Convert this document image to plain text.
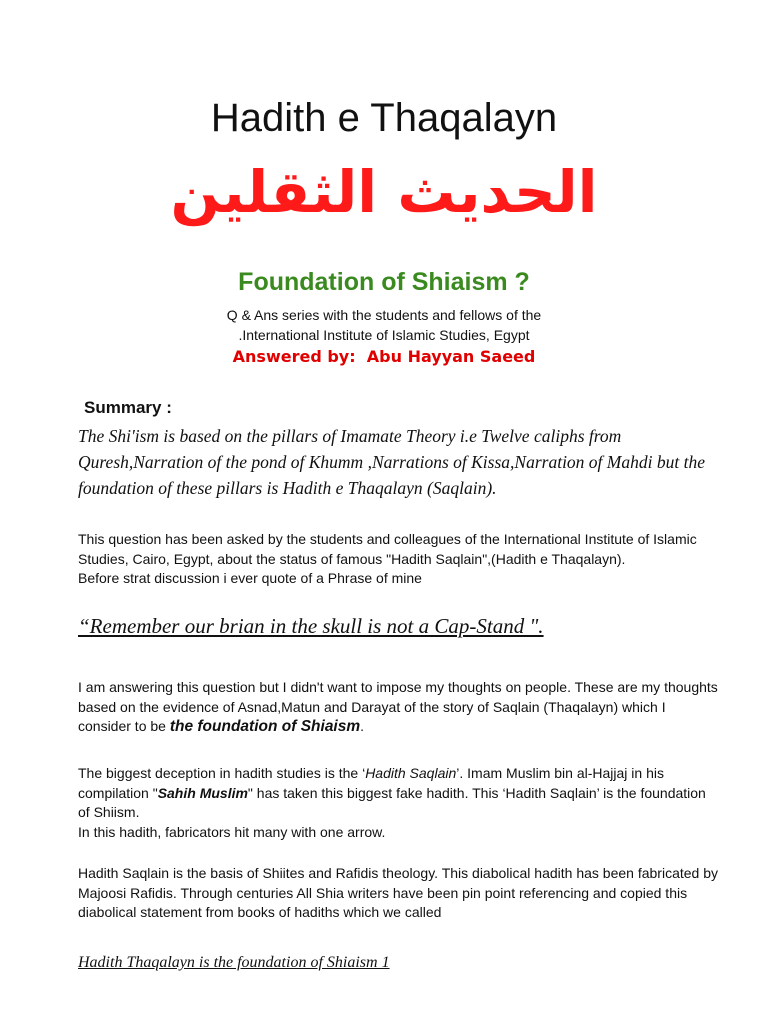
Hadith e Thaqalayn
الحديث الثقلين
Foundation of Shiaism ?
Q & Ans series with the students and fellows of the
.International Institute of Islamic Studies, Egypt
Answered by: Abu Hayyan Saeed
Summary :
The Shi'ism is based on the pillars of Imamate Theory i.e Twelve caliphs from Quresh,Narration of the pond of Khumm ,Narrations of Kissa,Narration of Mahdi but the foundation of these pillars is Hadith e Thaqalayn (Saqlain).
This question has been asked by the students and colleagues of the International Institute of Islamic Studies, Cairo, Egypt, about the status of famous "Hadith Saqlain",(Hadith e Thaqalayn).
Before strat discussion i ever quote of a Phrase of mine
“Remember our brian in the skull is not a Cap-Stand ".
I am answering this question but I didn't want to impose my thoughts on people. These are my thoughts based on the evidence of Asnad,Matun and Darayat of the story of Saqlain (Thaqalayn) which I consider to be the foundation of Shiaism.
The biggest deception in hadith studies is the ‘Hadith Saqlain’. Imam Muslim bin al-Hajjaj in his compilation "Sahih Muslim" has taken this biggest fake hadith. This ‘Hadith Saqlain’ is the foundation of Shiism.
In this hadith, fabricators hit many with one arrow.
Hadith Saqlain is the basis of Shiites and Rafidis theology. This diabolical hadith has been fabricated by Majoosi Rafidis. Through centuries All Shia writers have been pin point referencing and copied this diabolical statement from books of hadiths which we called
Hadith Thaqalayn is the foundation of Shiaism 1
